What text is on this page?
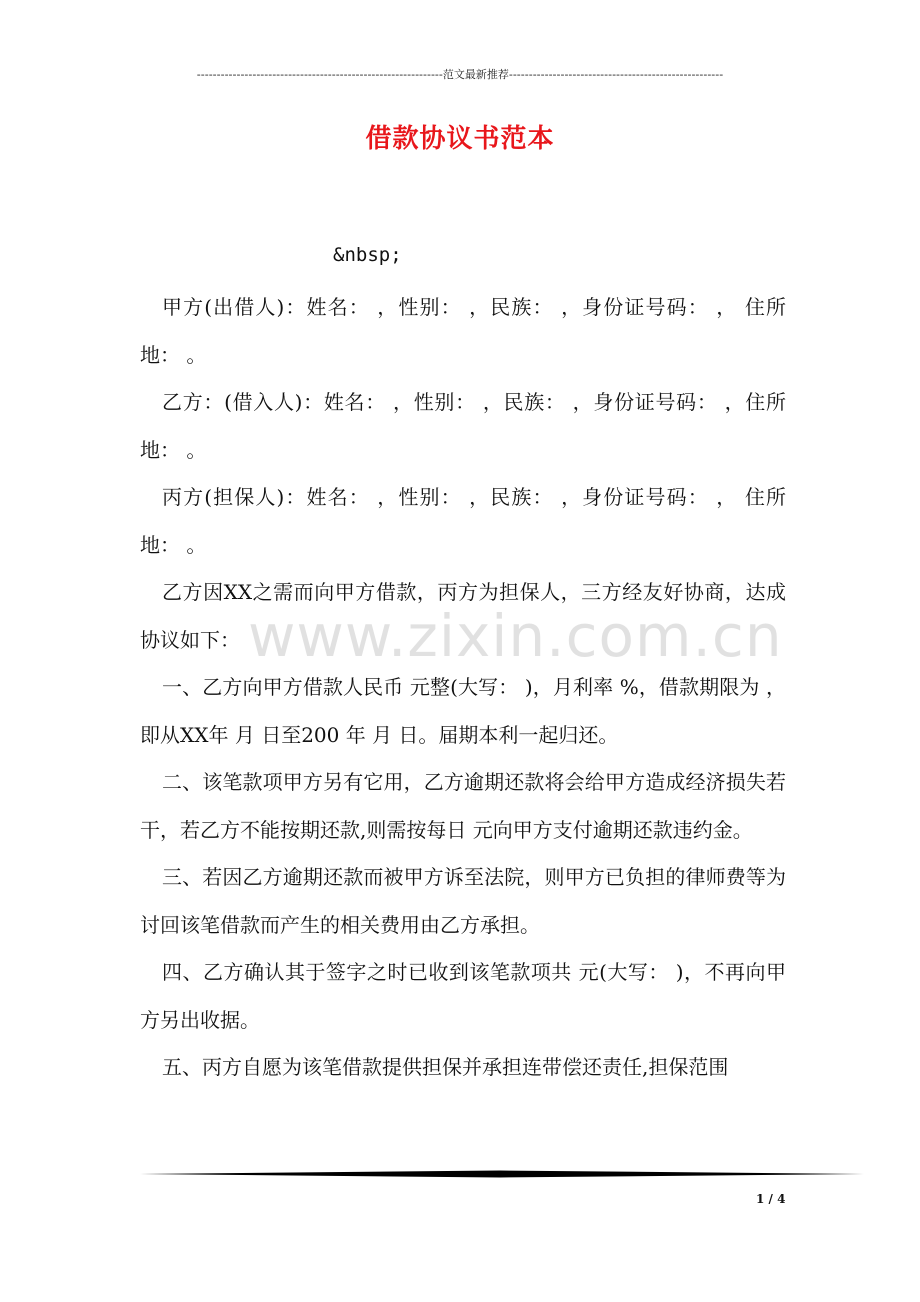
--------------------------------------------------------------范文最新推荐------------------------------------------------------
借款协议书范本
&nbsp;

甲方(出借人)：姓名： ，性别： ，民族： ，身份证号码： ， 住所地： 。

乙方：(借入人)：姓名： ，性别： ，民族： ，身份证号码： ，住所地： 。

丙方(担保人)：姓名： ，性别： ，民族： ，身份证号码： ， 住所地： 。

乙方因XX之需而向甲方借款，丙方为担保人，三方经友好协商，达成协议如下：

一、乙方向甲方借款人民币 元整(大写： )，月利率 %，借款期限为 ，即从XX年 月 日至200 年 月 日。届期本利一起归还。

二、该笔款项甲方另有它用，乙方逾期还款将会给甲方造成经济损失若干，若乙方不能按期还款,则需按每日 元向甲方支付逾期还款违约金。

三、若因乙方逾期还款而被甲方诉至法院，则甲方已负担的律师费等为讨回该笔借款而产生的相关费用由乙方承担。

四、乙方确认其于签字之时已收到该笔款项共 元(大写： )，不再向甲方另出收据。

五、丙方自愿为该笔借款提供担保并承担连带偿还责任,担保范围

www.zixin.com.cn
1 / 4
